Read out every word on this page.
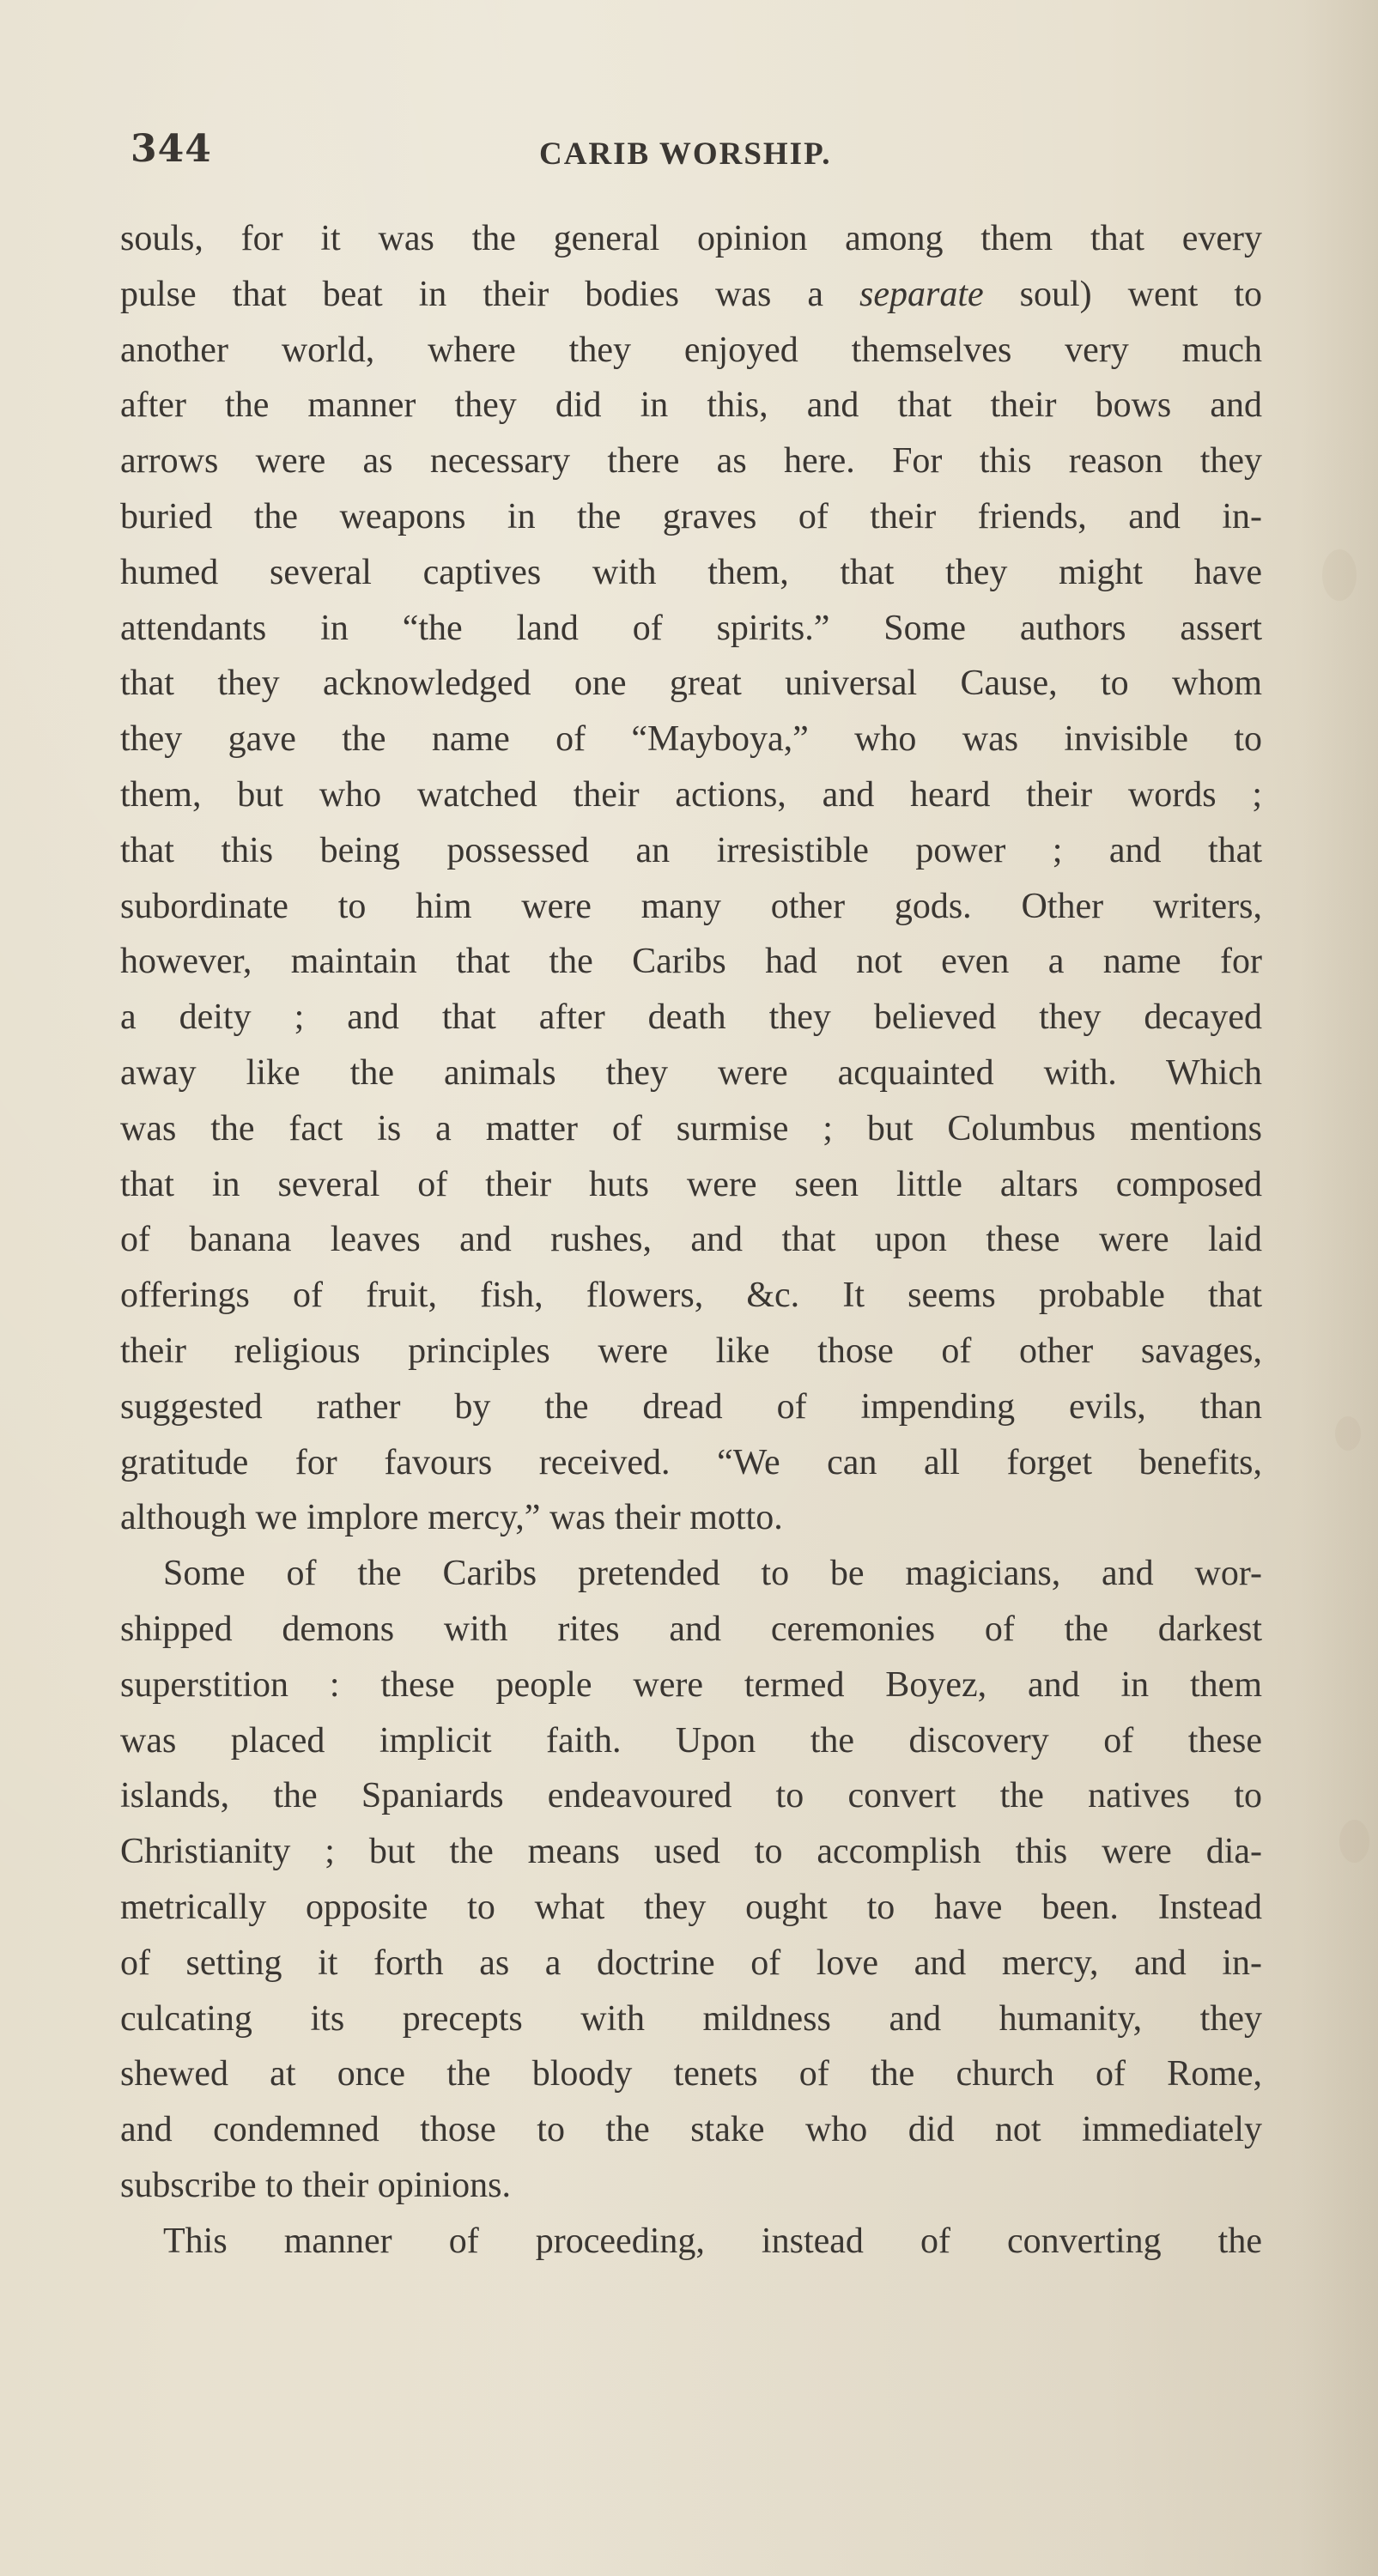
344	CARIB WORSHIP.
souls, for it was the general opinion among them that every
pulse that beat in their bodies was a separate soul) went to
another world, where they enjoyed themselves very much
after the manner they did in this, and that their bows and
arrows were as necessary there as here. For this reason they
buried the weapons in the graves of their friends, and in-
humed several captives with them, that they might have
attendants in “the land of spirits.” Some authors assert
that they acknowledged one great universal Cause, to whom
they gave the name of “Mayboya,” who was invisible to
them, but who watched their actions, and heard their words ;
that this being possessed an irresistible power ; and that
subordinate to him were many other gods. Other writers,
however, maintain that the Caribs had not even a name for
a deity ; and that after death they believed they decayed
away like the animals they were acquainted with. Which
was the fact is a matter of surmise ; but Columbus mentions
that in several of their huts were seen little altars composed
of banana leaves and rushes, and that upon these were laid
offerings of fruit, fish, flowers, &c. It seems probable that
their religious principles were like those of other savages,
suggested rather by the dread of impending evils, than
gratitude for favours received. “We can all forget benefits,
although we implore mercy,” was their motto.
Some of the Caribs pretended to be magicians, and wor-
shipped demons with rites and ceremonies of the darkest
superstition : these people were termed Boyez, and in them
was placed implicit faith. Upon the discovery of these
islands, the Spaniards endeavoured to convert the natives to
Christianity ; but the means used to accomplish this were dia-
metrically opposite to what they ought to have been. Instead
of setting it forth as a doctrine of love and mercy, and in-
culcating its precepts with mildness and humanity, they
shewed at once the bloody tenets of the church of Rome,
and condemned those to the stake who did not immediately
subscribe to their opinions.
This manner of proceeding, instead of converting the
